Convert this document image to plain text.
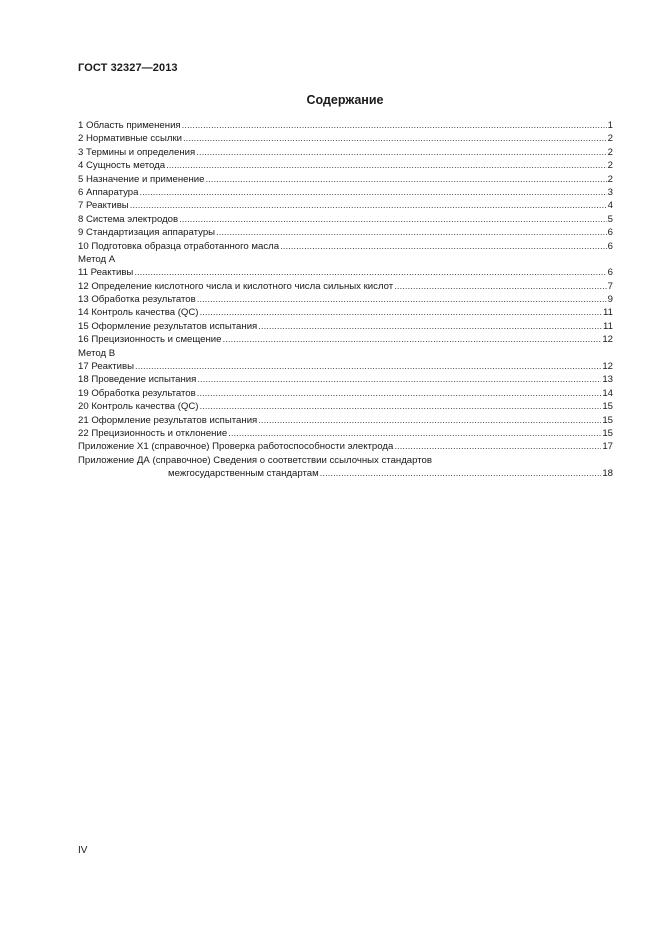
ГОСТ 32327—2013
Содержание
1 Область применения .....	1
2 Нормативные ссылки .....	2
3 Термины и определения .....	2
4 Сущность метода .....	2
5 Назначение и применение .....	2
6 Аппаратура .....	3
7 Реактивы .....	4
8 Система электродов .....	5
9 Стандартизация аппаратуры .....	6
10 Подготовка образца отработанного масла .....	6
Метод А
11 Реактивы .....	6
12 Определение кислотного числа и кислотного числа сильных кислот .....	7
13 Обработка результатов .....	9
14 Контроль качества (QC) .....	11
15 Оформление результатов испытания .....	11
16 Прецизионность и смещение .....	12
Метод В
17 Реактивы .....	12
18 Проведение испытания .....	13
19 Обработка результатов .....	14
20 Контроль качества (QC) .....	15
21 Оформление результатов испытания .....	15
22 Прецизионность и отклонение .....	15
Приложение X1 (справочное) Проверка работоспособности электрода .....	17
Приложение ДА (справочное) Сведения о соответствии ссылочных стандартов
межгосударственным стандартам .....	18
IV
